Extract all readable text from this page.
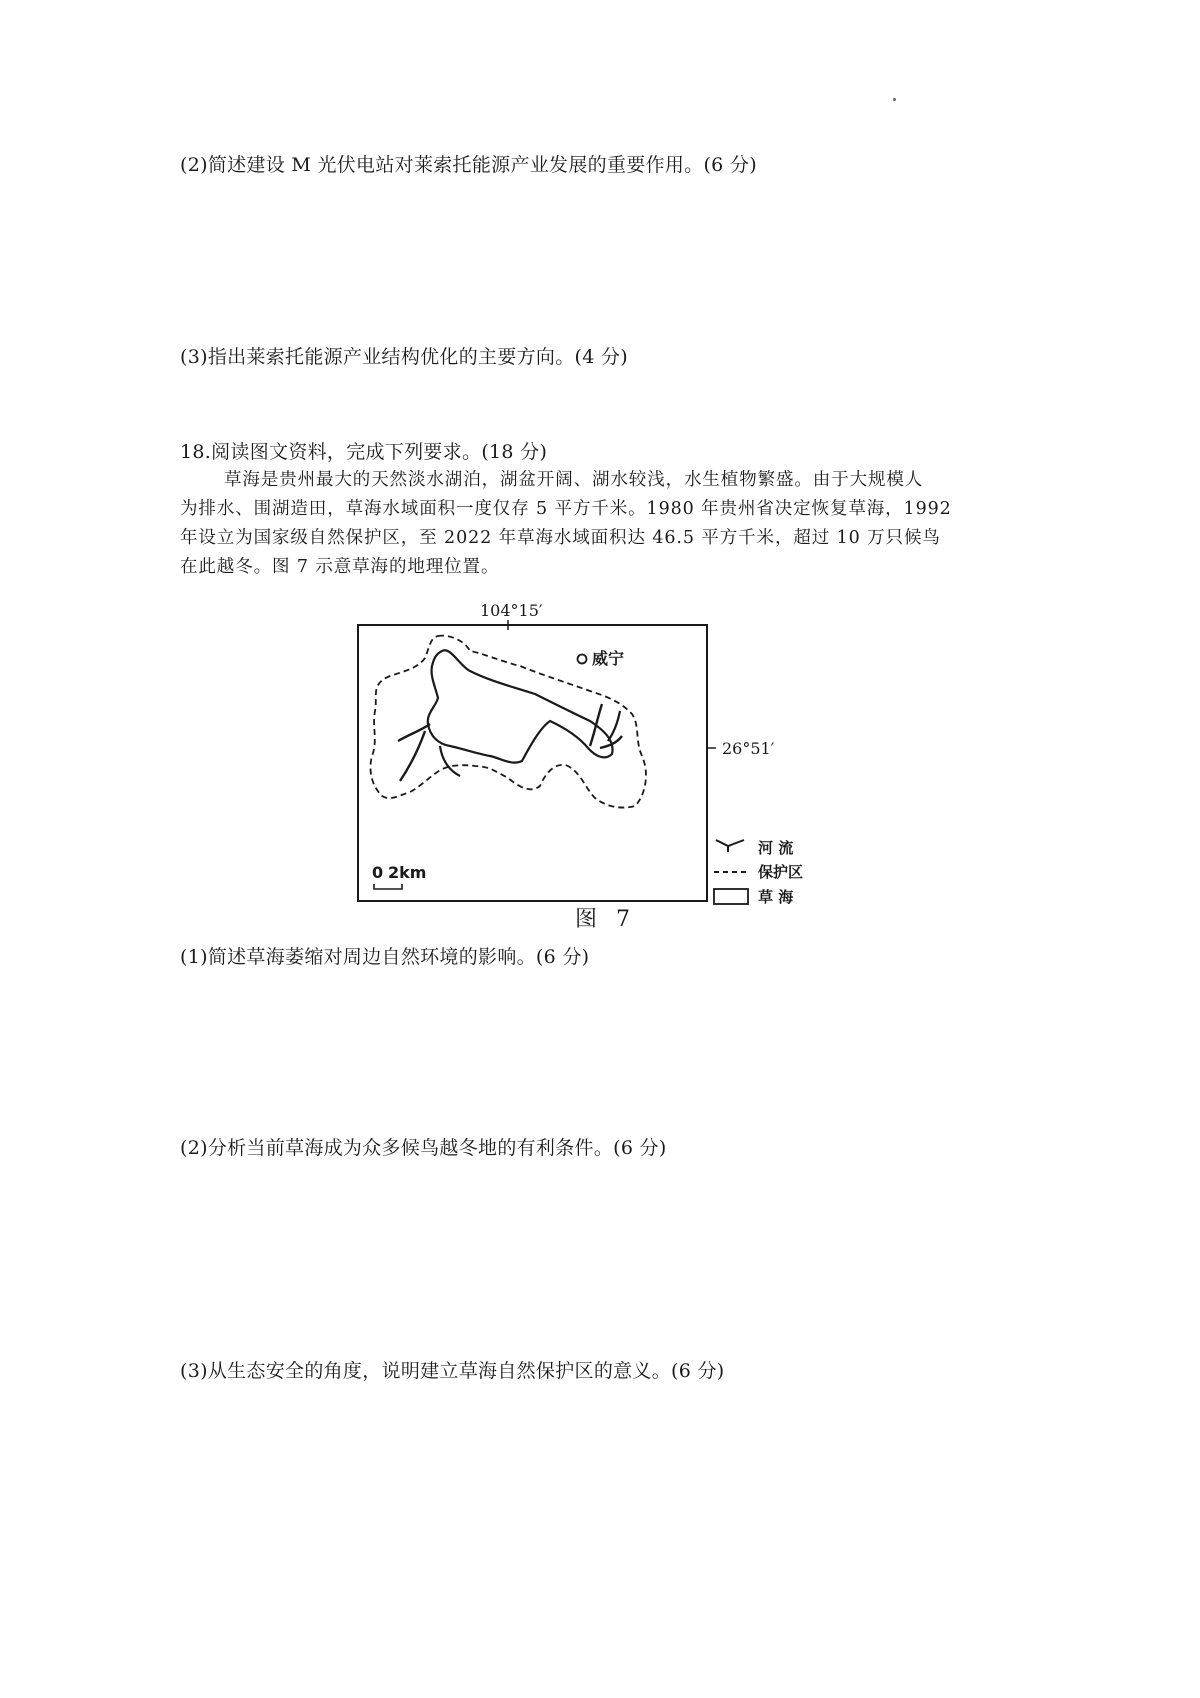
(2)简述建设 M 光伏电站对莱索托能源产业发展的重要作用。(6 分)
(3)指出莱索托能源产业结构优化的主要方向。(4 分)
18.阅读图文资料，完成下列要求。(18 分)
草海是贵州最大的天然淡水湖泊，湖盆开阔、湖水较浅，水生植物繁盛。由于大规模人
为排水、围湖造田，草海水域面积一度仅存 5 平方千米。1980 年贵州省决定恢复草海，1992
年设立为国家级自然保护区，至 2022 年草海水域面积达 46.5 平方千米，超过 10 万只候鸟
在此越冬。图 7 示意草海的地理位置。
104°15′
26°51′
威宁
0 2km
河 流
保护区
草 海
图 7
(1)简述草海萎缩对周边自然环境的影响。(6 分)
(2)分析当前草海成为众多候鸟越冬地的有利条件。(6 分)
(3)从生态安全的角度，说明建立草海自然保护区的意义。(6 分)
